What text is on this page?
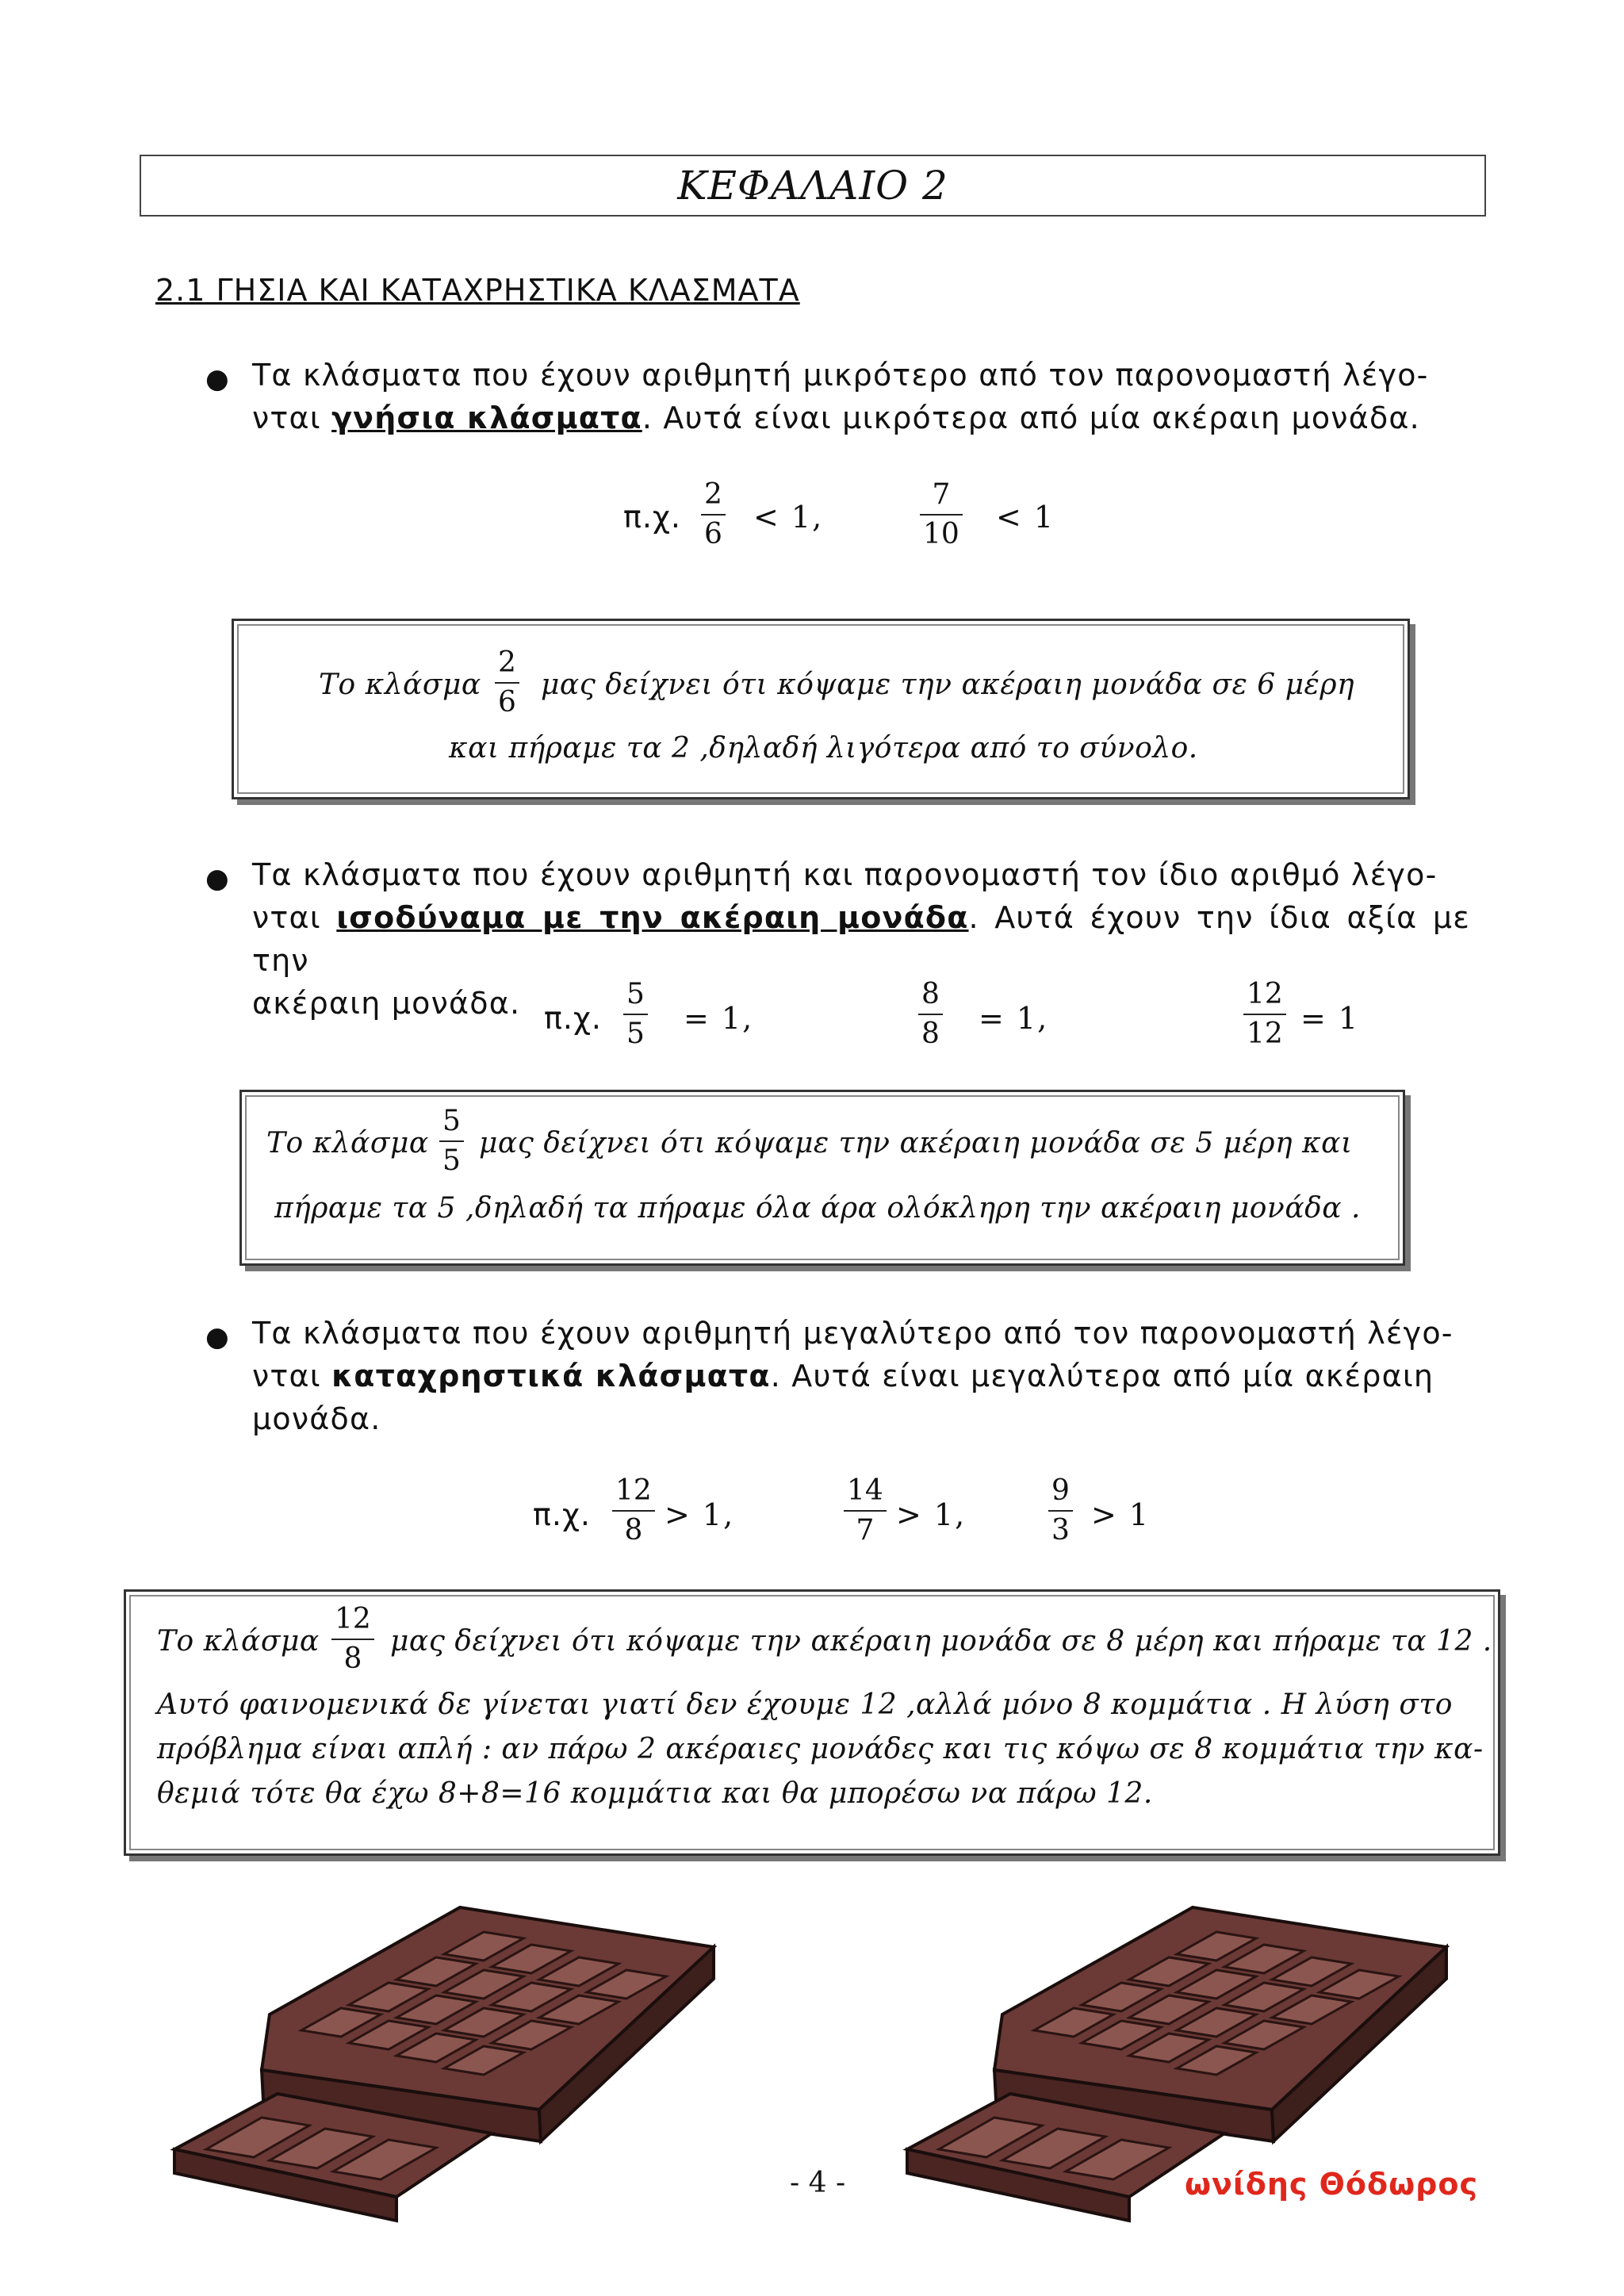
ΚΕΦΑΛΑΙΟ 2
2.1 ΓΗΣΙΑ ΚΑΙ ΚΑΤΑΧΡΗΣΤΙΚΑ ΚΛΑΣΜΑΤΑ
● Τα κλάσματα που έχουν αριθμητή μικρότερο από τον παρονομαστή λέγο-
νται γνήσια κλάσματα. Αυτά είναι μικρότερα από μία ακέραιη μονάδα.
π.χ.
2
6 < 1,
7
10 < 1
Το κλάσμα
2
6
μας δείχνει ότι κόψαμε την ακέραιη μονάδα σε 6 μέρη
και πήραμε τα 2 ,δηλαδή λιγότερα από το σύνολο.
● Τα κλάσματα που έχουν αριθμητή και παρονομαστή τον ίδιο αριθμό λέγο-
νται ισοδύναμα με την ακέραιη μονάδα. Αυτά έχουν την ίδια αξία με την
ακέραιη μονάδα. π.χ.
5
5 = 1,
8
8 = 1,
12
12 = 1
Το κλάσμα
5
5
μας δείχνει ότι κόψαμε την ακέραιη μονάδα σε 5 μέρη και
πήραμε τα 5 ,δηλαδή τα πήραμε όλα άρα ολόκληρη την ακέραιη μονάδα .
● Τα κλάσματα που έχουν αριθμητή μεγαλύτερο από τον παρονομαστή λέγο-
νται καταχρηστικά κλάσματα. Αυτά είναι μεγαλύτερα από μία ακέραιη
μονάδα.
π.χ.
12
8 > 1,
14
7 > 1,
9
3 > 1
Το κλάσμα
12
8
μας δείχνει ότι κόψαμε την ακέραιη μονάδα σε 8 μέρη και πήραμε τα 12 .
Αυτό φαινομενικά δε γίνεται γιατί δεν έχουμε 12 ,αλλά μόνο 8 κομμάτια . Η λύση στο
πρόβλημα είναι απλή : αν πάρω 2 ακέραιες μονάδες και τις κόψω σε 8 κομμάτια την κα-
θεμιά τότε θα έχω 8+8=16 κομμάτια και θα μπορέσω να πάρω 12.
- 4 -	ωνίδης Θόδωρος
